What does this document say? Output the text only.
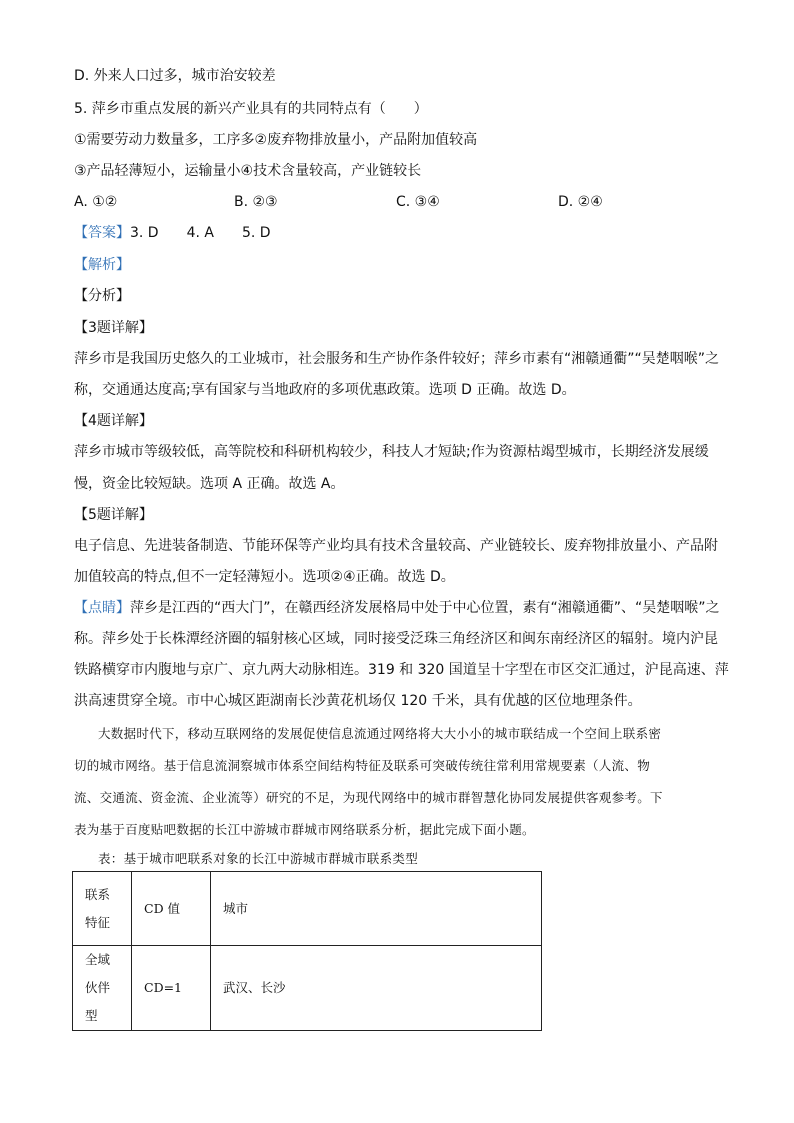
D. 外来人口过多，城市治安较差
5. 萍乡市重点发展的新兴产业具有的共同特点有（　　）
①需要劳动力数量多，工序多②废弃物排放量小，产品附加值较高
③产品轻薄短小，运输量小④技术含量较高，产业链较长
A. ①②	B. ②③	C. ③④	D. ②④
【答案】3. D　　4. A　　5. D
【解析】
【分析】
【3题详解】
萍乡市是我国历史悠久的工业城市，社会服务和生产协作条件较好；萍乡市素有“湘赣通衢”“吴楚咽喉”之
称，交通通达度高;享有国家与当地政府的多项优惠政策。选项 D 正确。故选 D。
【4题详解】
萍乡市城市等级较低，高等院校和科研机构较少，科技人才短缺;作为资源枯竭型城市，长期经济发展缓
慢，资金比较短缺。选项 A 正确。故选 A。
【5题详解】
电子信息、先进装备制造、节能环保等产业均具有技术含量较高、产业链较长、废弃物排放量小、产品附
加值较高的特点,但不一定轻薄短小。选项②④正确。故选 D。
【点睛】萍乡是江西的“西大门”，在赣西经济发展格局中处于中心位置，素有“湘赣通衢”、“吴楚咽喉”之
称。萍乡处于长株潭经济圈的辐射核心区域，同时接受泛珠三角经济区和闽东南经济区的辐射。境内沪昆
铁路横穿市内腹地与京广、京九两大动脉相连。319 和 320 国道呈十字型在市区交汇通过，沪昆高速、萍
洪高速贯穿全境。市中心城区距湖南长沙黄花机场仅 120 千米，具有优越的区位地理条件。
大数据时代下，移动互联网络的发展促使信息流通过网络将大大小小的城市联结成一个空间上联系密
切的城市网络。基于信息流洞察城市体系空间结构特征及联系可突破传统往常利用常规要素（人流、物
流、交通流、资金流、企业流等）研究的不足，为现代网络中的城市群智慧化协同发展提供客观参考。下
表为基于百度贴吧数据的长江中游城市群城市网络联系分析，据此完成下面小题。
表：基于城市吧联系对象的长江中游城市群城市联系类型
联系特征	CD 值	城市
全域伙伴型	CD=1	武汉、长沙
